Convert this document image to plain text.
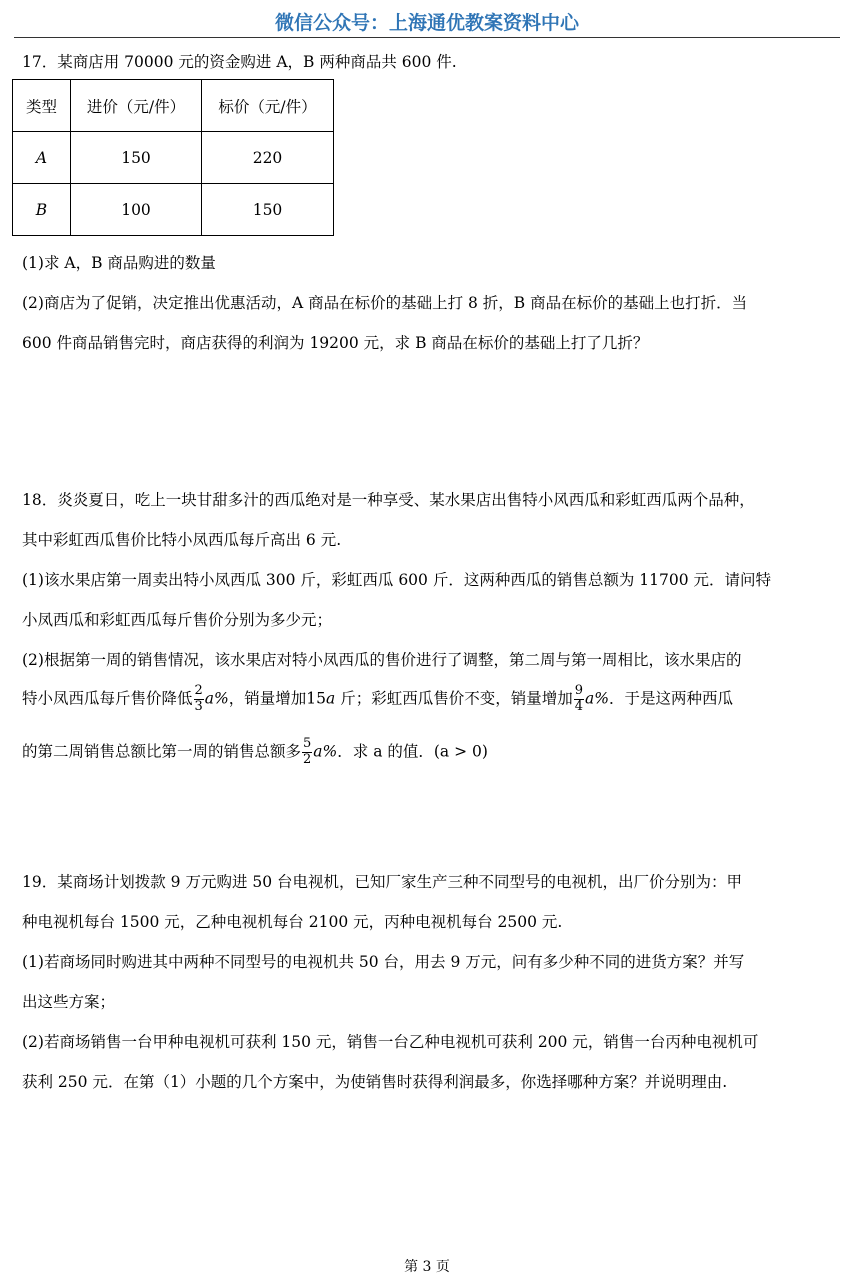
微信公众号：上海通优教案资料中心
17．某商店用 70000 元的资金购进 A，B 两种商品共 600 件.
类型	进价（元/件）	标价（元/件）
A	150	220
B	100	150
(1)求 A，B 商品购进的数量
(2)商店为了促销，决定推出优惠活动，A 商品在标价的基础上打 8 折，B 商品在标价的基础上也打折．当
600 件商品销售完时，商店获得的利润为 19200 元，求 B 商品在标价的基础上打了几折？
18．炎炎夏日，吃上一块甘甜多汁的西瓜绝对是一种享受、某水果店出售特小风西瓜和彩虹西瓜两个品种，
其中彩虹西瓜售价比特小凤西瓜每斤高出 6 元.
(1)该水果店第一周卖出特小凤西瓜 300 斤，彩虹西瓜 600 斤．这两种西瓜的销售总额为 11700 元．请问特
小凤西瓜和彩虹西瓜每斤售价分别为多少元；
(2)根据第一周的销售情况，该水果店对特小凤西瓜的售价进行了调整，第二周与第一周相比，该水果店的
特小凤西瓜每斤售价降低 $\frac{2}{3} a\%$，销量增加15a 斤；彩虹西瓜售价不变，销量增加 $\frac{9}{4} a\%$．于是这两种西瓜
的第二周销售总额比第一周的销售总额多 $\frac{5}{2} a\%$．求 a 的值．(a > 0)
19．某商场计划拨款 9 万元购进 50 台电视机，已知厂家生产三种不同型号的电视机，出厂价分别为：甲
种电视机每台 1500 元，乙种电视机每台 2100 元，丙种电视机每台 2500 元.
(1)若商场同时购进其中两种不同型号的电视机共 50 台，用去 9 万元，问有多少种不同的进货方案？并写
出这些方案；
(2)若商场销售一台甲种电视机可获利 150 元，销售一台乙种电视机可获利 200 元，销售一台丙种电视机可
获利 250 元．在第（1）小题的几个方案中，为使销售时获得利润最多，你选择哪种方案？并说明理由.
第 3 页
